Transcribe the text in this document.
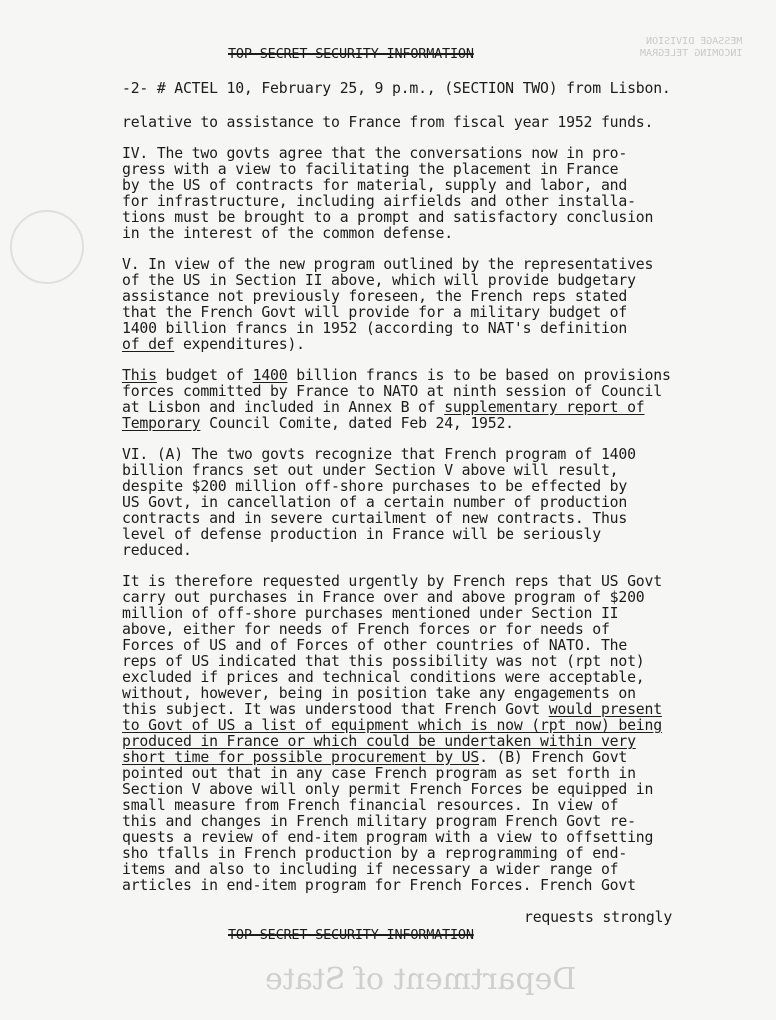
MESSAGE DIVISION
INCOMING TELEGRAM
Department of State
TOP SECRET SECURITY INFORMATION
-2- # ACTEL 10, February 25, 9 p.m., (SECTION TWO) from Lisbon.
relative to assistance to France from fiscal year 1952 funds.
IV. The two govts agree that the conversations now in pro-
gress with a view to facilitating the placement in France
by the US of contracts for material, supply and labor, and
for infrastructure, including airfields and other installa-
tions must be brought to a prompt and satisfactory conclusion
in the interest of the common defense.
V. In view of the new program outlined by the representatives
of the US in Section II above, which will provide budgetary
assistance not previously foreseen, the French reps stated
that the French Govt will provide for a military budget of
1400 billion francs in 1952 (according to NAT's definition
of def expenditures).
This budget of 1400 billion francs is to be based on provisions
forces committed by France to NATO at ninth session of Council
at Lisbon and included in Annex B of supplementary report of
Temporary Council Comite, dated Feb 24, 1952.
VI. (A) The two govts recognize that French program of 1400
billion francs set out under Section V above will result,
despite $200 million off-shore purchases to be effected by
US Govt, in cancellation of a certain number of production
contracts and in severe curtailment of new contracts. Thus
level of defense production in France will be seriously
reduced.
It is therefore requested urgently by French reps that US Govt
carry out purchases in France over and above program of $200
million of off-shore purchases mentioned under Section II
above, either for needs of French forces or for needs of
Forces of US and of Forces of other countries of NATO. The
reps of US indicated that this possibility was not (rpt not)
excluded if prices and technical conditions were acceptable,
without, however, being in position take any engagements on
this subject. It was understood that French Govt would present
to Govt of US a list of equipment which is now (rpt now) being
produced in France or which could be undertaken within very
short time for possible procurement by US. (B) French Govt
pointed out that in any case French program as set forth in
Section V above will only permit French Forces be equipped in
small measure from French financial resources. In view of
this and changes in French military program French Govt re-
quests a review of end-item program with a view to offsetting
sho tfalls in French production by a reprogramming of end-
items and also to including if necessary a wider range of
articles in end-item program for French Forces. French Govt
requests strongly
TOP SECRET SECURITY INFORMATION
